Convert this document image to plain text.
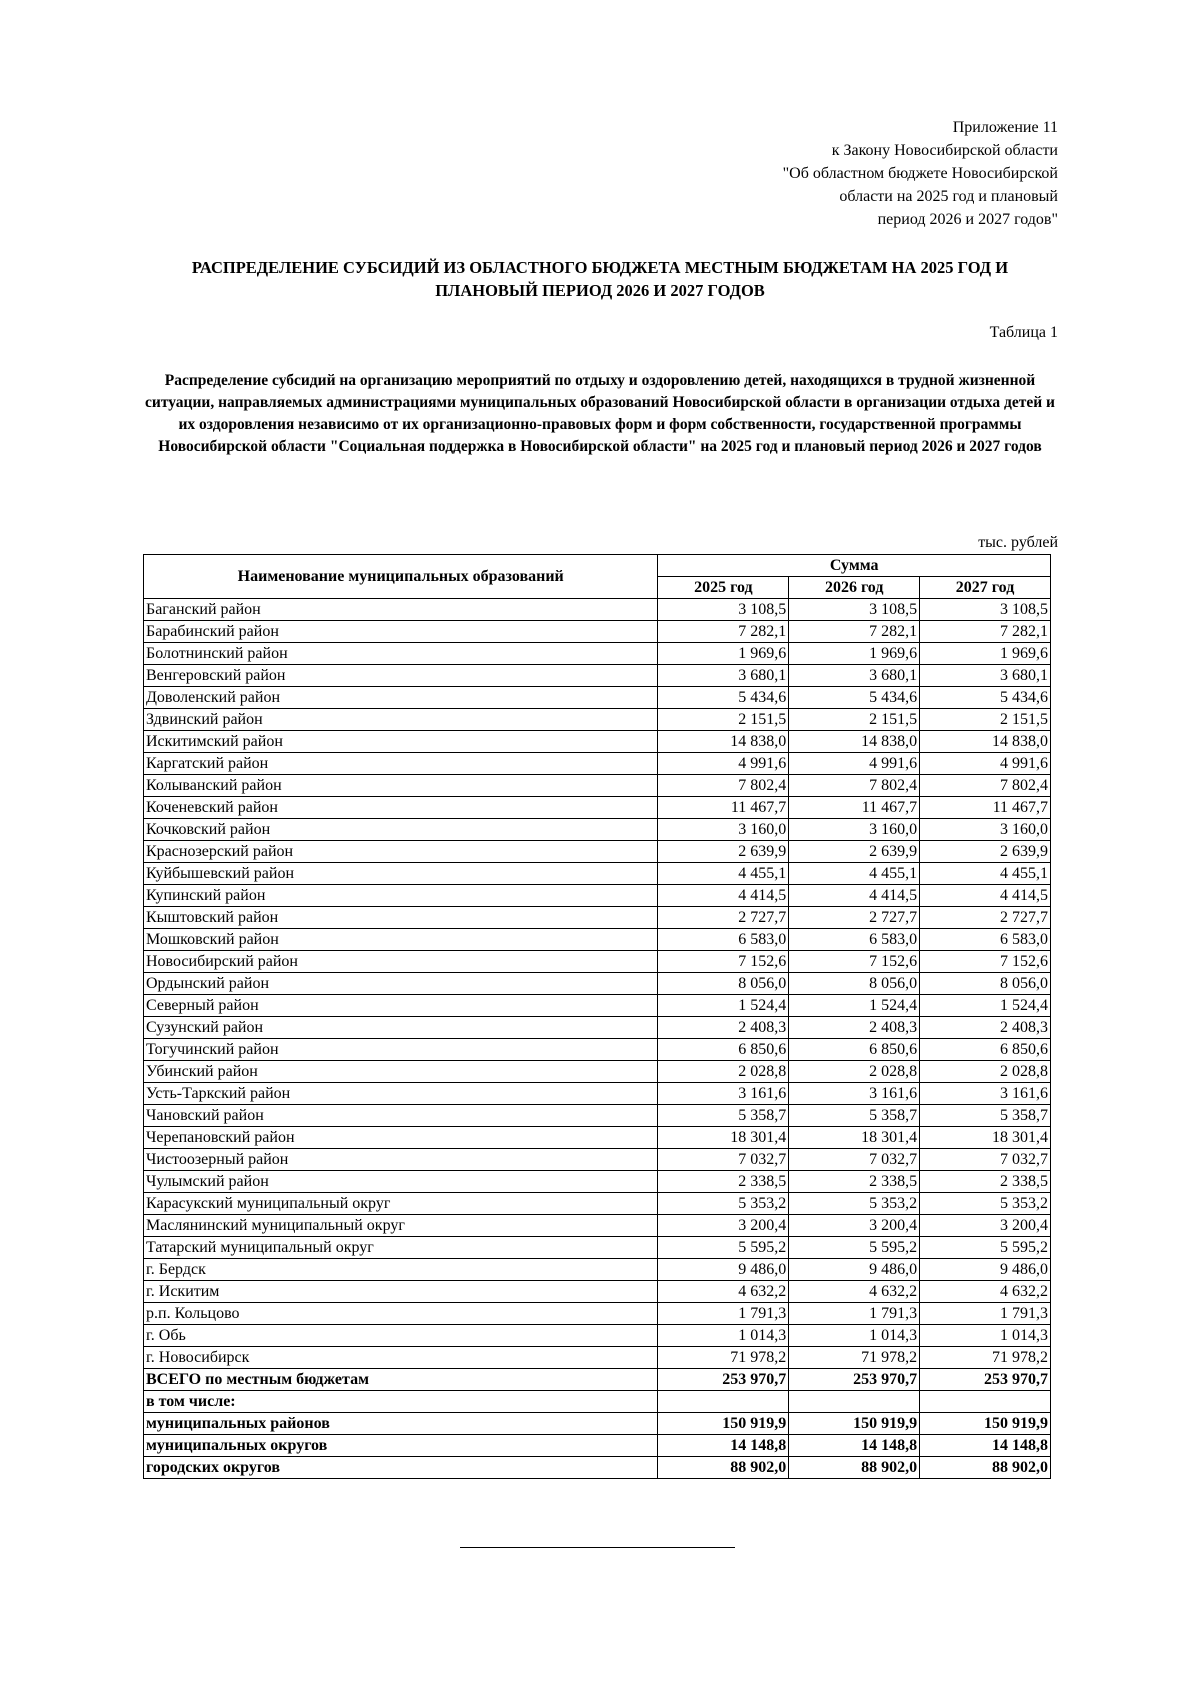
Приложение 11
к Закону Новосибирской области
"Об областном бюджете Новосибирской
области на 2025 год и плановый
период 2026 и 2027 годов"
РАСПРЕДЕЛЕНИЕ СУБСИДИЙ ИЗ ОБЛАСТНОГО БЮДЖЕТА МЕСТНЫМ БЮДЖЕТАМ НА 2025 ГОД И
ПЛАНОВЫЙ ПЕРИОД 2026 И 2027 ГОДОВ
Таблица 1
Распределение субсидий на организацию мероприятий по отдыху и оздоровлению детей, находящихся в трудной жизненной ситуации, направляемых администрациями муниципальных образований Новосибирской области в организации отдыха детей и их оздоровления независимо от их организационно-правовых форм и форм собственности, государственной программы Новосибирской области "Социальная поддержка в Новосибирской области" на 2025 год и плановый период 2026 и 2027 годов
тыс. рублей
Наименование муниципальных образований	Сумма		
	2025 год	2026 год	2027 год
Баганский район	3 108,5	3 108,5	3 108,5
Барабинский район	7 282,1	7 282,1	7 282,1
Болотнинский район	1 969,6	1 969,6	1 969,6
Венгеровский район	3 680,1	3 680,1	3 680,1
Доволенский район	5 434,6	5 434,6	5 434,6
Здвинский район	2 151,5	2 151,5	2 151,5
Искитимский район	14 838,0	14 838,0	14 838,0
Каргатский район	4 991,6	4 991,6	4 991,6
Колыванский район	7 802,4	7 802,4	7 802,4
Коченевский район	11 467,7	11 467,7	11 467,7
Кочковский район	3 160,0	3 160,0	3 160,0
Краснозерский район	2 639,9	2 639,9	2 639,9
Куйбышевский район	4 455,1	4 455,1	4 455,1
Купинский район	4 414,5	4 414,5	4 414,5
Кыштовский район	2 727,7	2 727,7	2 727,7
Мошковский район	6 583,0	6 583,0	6 583,0
Новосибирский район	7 152,6	7 152,6	7 152,6
Ордынский район	8 056,0	8 056,0	8 056,0
Северный район	1 524,4	1 524,4	1 524,4
Сузунский район	2 408,3	2 408,3	2 408,3
Тогучинский район	6 850,6	6 850,6	6 850,6
Убинский район	2 028,8	2 028,8	2 028,8
Усть-Таркский район	3 161,6	3 161,6	3 161,6
Чановский район	5 358,7	5 358,7	5 358,7
Черепановский район	18 301,4	18 301,4	18 301,4
Чистоозерный район	7 032,7	7 032,7	7 032,7
Чулымский район	2 338,5	2 338,5	2 338,5
Карасукский муниципальный округ	5 353,2	5 353,2	5 353,2
Маслянинский муниципальный округ	3 200,4	3 200,4	3 200,4
Татарский муниципальный округ	5 595,2	5 595,2	5 595,2
г. Бердск	9 486,0	9 486,0	9 486,0
г. Искитим	4 632,2	4 632,2	4 632,2
р.п. Кольцово	1 791,3	1 791,3	1 791,3
г. Обь	1 014,3	1 014,3	1 014,3
г. Новосибирск	71 978,2	71 978,2	71 978,2
ВСЕГО по местным бюджетам	253 970,7	253 970,7	253 970,7
в том числе:			
муниципальных районов	150 919,9	150 919,9	150 919,9
муниципальных округов	14 148,8	14 148,8	14 148,8
городских округов	88 902,0	88 902,0	88 902,0
